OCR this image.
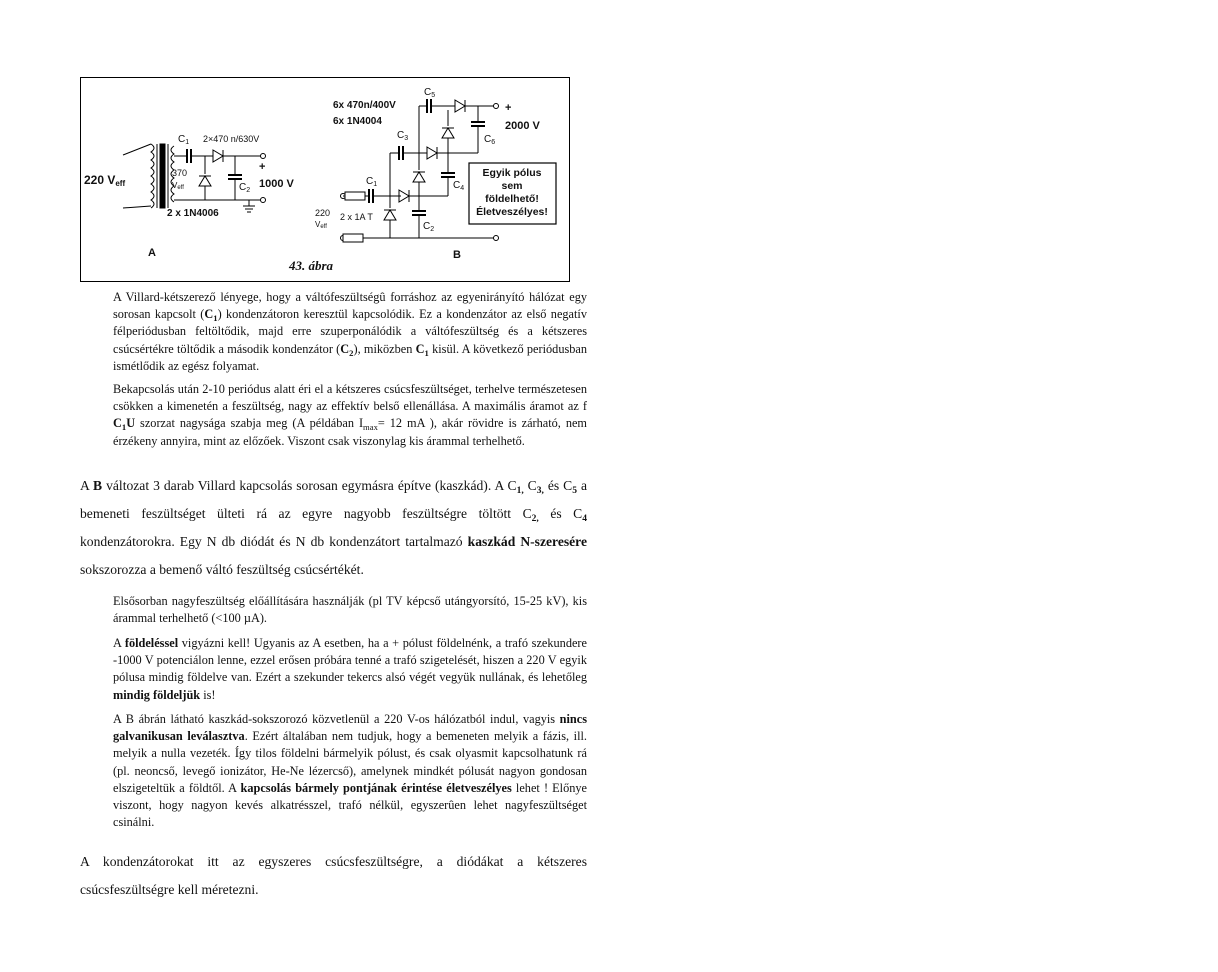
220 Veff
$C_1$ 2×470 n/630V
370
Veff	$C_2$
+
1000 V
2 x 1N4006
A
6x 470n/400V
6x 1N4004
$C_5$
+
2000 V
$C_6$
$C_3$
$C_4$
$C_1$
$C_2$
2 x 1A T
220
Veff
B
Egyik pólus
sem
földelhető!
Életveszélyes!
43. ábra
A Villard-kétszerező lényege, hogy a váltófeszültségû forráshoz az egyenirányító hálózat egy sorosan kapcsolt $(C_1)$ kondenzátoron keresztül kapcsolódik. Ez a kondenzátor az első negatív félperiódusban feltöltődik, majd erre szuperponálódik a váltófeszültség és a kétszeres csúcsértékre töltődik a második kondenzátor $(C_2)$, miközben $C_1$ kisül. A következő periódusban ismétlődik az egész folyamat.
Bekapcsolás után 2-10 periódus alatt éri el a kétszeres csúcsfeszültséget, terhelve természetesen csökken a kimenetén a feszültség, nagy az effektív belső ellenállása. A maximális áramot az f $C_1U$ szorzat nagysága szabja meg (A példában $I_{max}= 12$ mA ), akár rövidre is zárható, nem érzékeny annyira, mint az előzőek. Viszont csak viszonylag kis árammal terhelhető.
A B változat 3 darab Villard kapcsolás sorosan egymásra építve (kaszkád). A $C_{1,}$ $C_{3,}$ és $C_5$ a bemeneti feszültséget ülteti rá az egyre nagyobb feszültségre töltött $C_{2,}$ és $C_4$ kondenzátorokra. Egy N db diódát és N db kondenzátort tartalmazó kaszkád N-szeresére sokszorozza a bemenő váltó feszültség csúcsértékét.
Elsősorban nagyfeszültség előállítására használják (pl TV képcső utángyorsító, 15-25 kV), kis árammal terhelhető (<100 µA).
A földeléssel vigyázni kell! Ugyanis az A esetben, ha a + pólust földelnénk, a trafó szekundere -1000 V potenciálon lenne, ezzel erősen próbára tenné a trafó szigetelését, hiszen a 220 V egyik pólusa mindig földelve van. Ezért a szekunder tekercs alsó végét vegyük nullának, és lehetőleg mindig földeljük is!
A B ábrán látható kaszkád-sokszorozó közvetlenül a 220 V-os hálózatból indul, vagyis nincs galvanikusan leválasztva. Ezért általában nem tudjuk, hogy a bemeneten melyik a fázis, ill. melyik a nulla vezeték. Így tilos földelni bármelyik pólust, és csak olyasmit kapcsolhatunk rá (pl. neoncső, levegő ionizátor, He-Ne lézercső), amelynek mindkét pólusát nagyon gondosan elszigeteltük a földtől. A kapcsolás bármely pontjának érintése életveszélyes lehet ! Előnye viszont, hogy nagyon kevés alkatrésszel, trafó nélkül, egyszerûen lehet nagyfeszültséget csinálni.
A kondenzátorokat itt az egyszeres csúcsfeszültségre, a diódákat a kétszeres csúcsfeszültségre kell méretezni.
